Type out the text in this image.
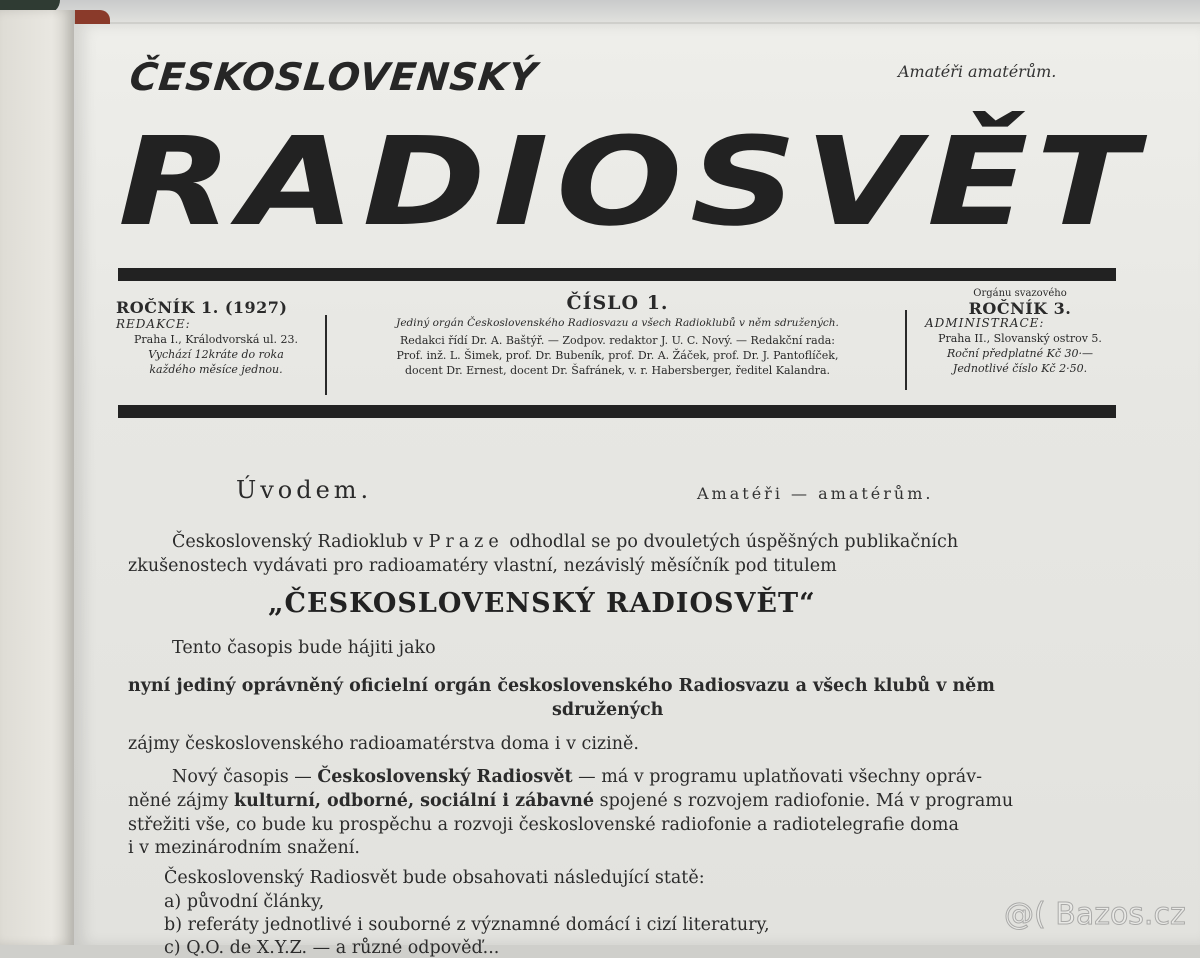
ČESKOSLOVENSKÝ	Amatéři amatérům.
RADIOSVĚT
ROČNÍK 1. (1927)
REDAKCE:
Praha I., Králodvorská ul. 23.
Vychází 12kráte do roka
každého měsíce jednou.
ČÍSLO 1.
Jediný orgán Československého Radiosvazu a všech Radioklubů v něm sdružených.
Redakci řídí Dr. A. Baštýř. — Zodpov. redaktor J. U. C. Nový. — Redakční rada:
Prof. inž. L. Šimek, prof. Dr. Bubeník, prof. Dr. A. Žáček, prof. Dr. J. Pantoflíček,
docent Dr. Ernest, docent Dr. Šafránek, v. r. Habersberger, ředitel Kalandra.
Orgánu svazového
ROČNÍK 3.
ADMINISTRACE:
Praha II., Slovanský ostrov 5.
Roční předplatné Kč 30·—
Jednotlivé číslo Kč 2·50.
Úvodem.	Amatéři — amatérům.
Československý Radioklub v Praze odhodlal se po dvouletých úspěšných publikačních
zkušenostech vydávati pro radioamatéry vlastní, nezávislý měsíčník pod titulem
„ČESKOSLOVENSKÝ RADIOSVĚT“
Tento časopis bude hájiti jako
nyní jediný oprávněný oficielní orgán československého Radiosvazu a všech klubů v něm
sdružených
zájmy československého radioamatérstva doma i v cizině.
Nový časopis — Československý Radiosvět — má v programu uplatňovati všechny opráv-
něné zájmy kulturní, odborné, sociální i zábavné spojené s rozvojem radiofonie. Má v programu
střežiti vše, co bude ku prospěchu a rozvoji československé radiofonie a radiotelegrafie doma
i v mezinárodním snažení.
Československý Radiosvět bude obsahovati následující statě:
a) původní články,
b) referáty jednotlivé i souborné z významné domácí i cizí literatury,
c) Q.O. de X.Y.Z. — a různé odpověď...
@( Bazos.cz
